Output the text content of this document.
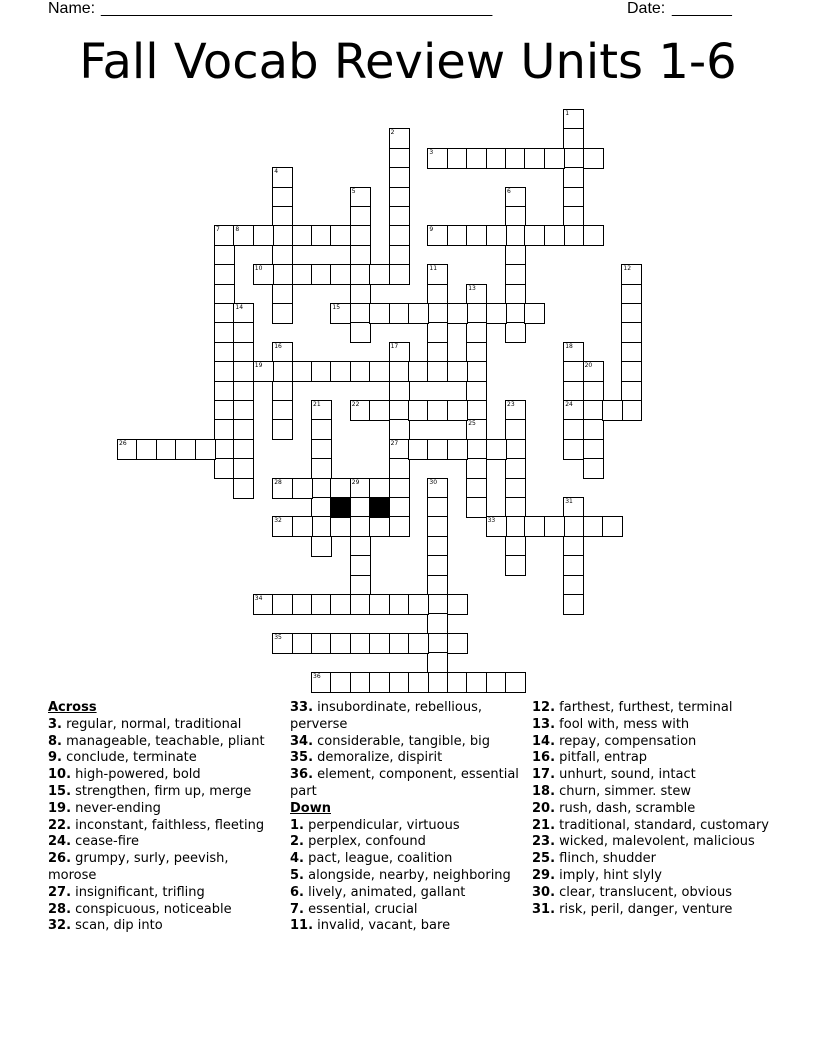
Name: ______________________________________________	Date: _______
Fall Vocab Review Units 1-6
1
2
3
4
5	6
7	8	9
10	11	12
13
25
14	15
16	17
27
18
24
19	20
21	22	23
26
28	29	30
31
32	33
34
35
36
Across
3. regular, normal, traditional
8. manageable, teachable, pliant
9. conclude, terminate
10. high-powered, bold
15. strengthen, firm up, merge
19. never-ending
22. inconstant, faithless, fleeting
24. cease-fire
26. grumpy, surly, peevish, morose
27. insignificant, trifling
28. conspicuous, noticeable
32. scan, dip into
33. insubordinate, rebellious, perverse
34. considerable, tangible, big
35. demoralize, dispirit
36. element, component, essential part
Down
1. perpendicular, virtuous
2. perplex, confound
4. pact, league, coalition
5. alongside, nearby, neighboring
6. lively, animated, gallant
7. essential, crucial
11. invalid, vacant, bare
12. farthest, furthest, terminal
13. fool with, mess with
14. repay, compensation
16. pitfall, entrap
17. unhurt, sound, intact
18. churn, simmer. stew
20. rush, dash, scramble
21. traditional, standard, customary
23. wicked, malevolent, malicious
25. flinch, shudder
29. imply, hint slyly
30. clear, translucent, obvious
31. risk, peril, danger, venture
